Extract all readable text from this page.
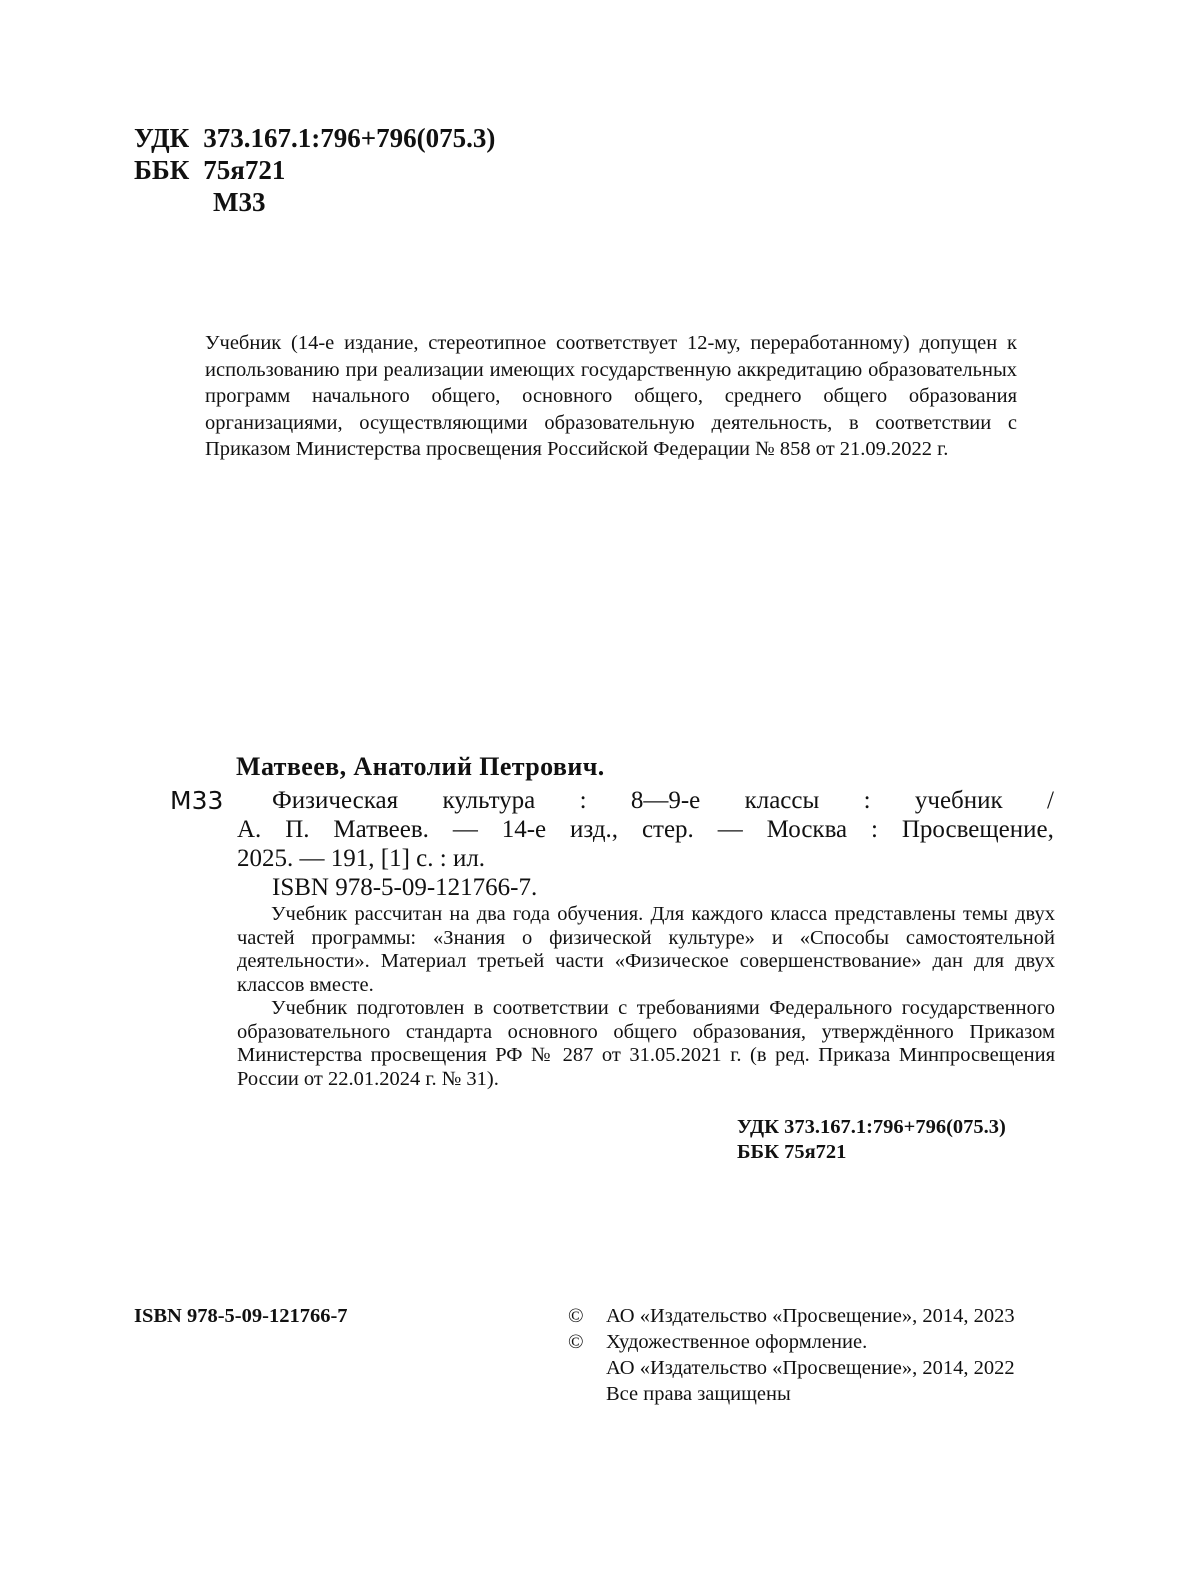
УДК 373.167.1:796+796(075.3)
ББК 75я721
М33
Учебник (14-е издание, стереотипное соответствует 12-му, переработанному) допущен к использованию при реализации имеющих государственную аккредитацию образовательных программ начального общего, основного общего, среднего общего образования организациями, осуществляющими образовательную деятельность, в соответствии с Приказом Министерства просвещения Российской Федерации № 858 от 21.09.2022 г.
Матвеев, Анатолий Петрович.
М33 Физическая культура : 8—9-е классы : учебник /
А. П. Матвеев. — 14-е изд., стер. — Москва : Просвещение,
2025. — 191, [1] с. : ил.
ISBN 978-5-09-121766-7.

Учебник рассчитан на два года обучения. Для каждого класса представлены темы двух частей программы: «Знания о физической культуре» и «Способы самостоятельной деятельности». Материал третьей части «Физическое совершенствование» дан для двух классов вместе.

Учебник подготовлен в соответствии с требованиями Федерального государственного образовательного стандарта основного общего образования, утверждённого Приказом Министерства просвещения РФ № 287 от 31.05.2021 г. (в ред. Приказа Минпросвещения России от 22.01.2024 г. № 31).

УДК 373.167.1:796+796(075.3)
ББК 75я721
ISBN 978-5-09-121766-7	©	АО «Издательство «Просвещение», 2014, 2023
©	Художественное оформление.
АО «Издательство «Просвещение», 2014, 2022
Все права защищены
